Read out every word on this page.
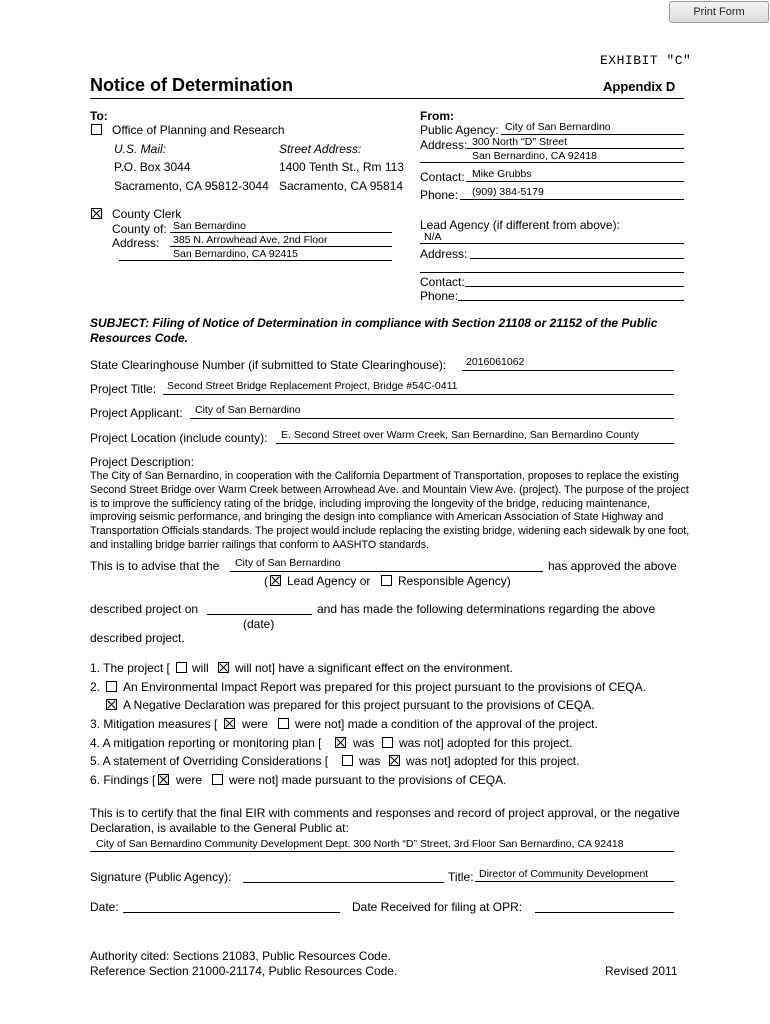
Print Form
EXHIBIT "C"
Notice of Determination	Appendix D
To:
Office of Planning and Research
U.S. Mail:	Street Address:
P.O. Box 3044	1400 Tenth St., Rm 113
Sacramento, CA 95812-3044 Sacramento, CA 95814
County Clerk
County of: San Bernardino
Address: 385 N. Arrowhead Ave, 2nd Floor
San Bernardino, CA 92415
From:
Public Agency: City of San Bernardino
Address: 300 North "D" Street
San Bernardino, CA 92418
Contact: Mike Grubbs
Phone: (909) 384-5179
Lead Agency (if different from above):
N/A
Address:
Contact:
Phone:
SUBJECT: Filing of Notice of Determination in compliance with Section 21108 or 21152 of the Public Resources Code.
State Clearinghouse Number (if submitted to State Clearinghouse): 2016061062
Project Title: Second Street Bridge Replacement Project, Bridge #54C-0411
Project Applicant: City of San Bernardino
Project Location (include county): E. Second Street over Warm Creek, San Bernardino, San Bernardino County
Project Description:
The City of San Bernardino, in cooperation with the California Department of Transportation, proposes to replace the existing Second Street Bridge over Warm Creek between Arrowhead Ave. and Mountain View Ave. (project). The purpose of the project is to improve the sufficiency rating of the bridge, including improving the longevity of the bridge, reducing maintenance, improving seismic performance, and bringing the design into compliance with American Association of State Highway and Transportation Officials standards. The project would include replacing the existing bridge, widening each sidewalk by one foot, and installing bridge barrier railings that conform to AASHTO standards.
This is to advise that the City of San Bernardino	has approved the above
( Lead Agency or Responsible Agency)
described project on	and has made the following determinations regarding the above
(date)
described project.
1. The project [ will will not] have a significant effect on the environment.
2. An Environmental Impact Report was prepared for this project pursuant to the provisions of CEQA.
A Negative Declaration was prepared for this project pursuant to the provisions of CEQA.
3. Mitigation measures [ were were not] made a condition of the approval of the project.
4. A mitigation reporting or monitoring plan [	was was not] adopted for this project.
5. A statement of Overriding Considerations [	was was not] adopted for this project.
6. Findings [ were were not] made pursuant to the provisions of CEQA.
This is to certify that the final EIR with comments and responses and record of project approval, or the negative Declaration, is available to the General Public at:
City of San Bernardino Community Development Dept. 300 North “D” Street, 3rd Floor San Bernardino, CA 92418
Signature (Public Agency):	Title: Director of Community Development
Date:	Date Received for filing at OPR:
Authority cited: Sections 21083, Public Resources Code.
Reference Section 21000-21174, Public Resources Code.	Revised 2011
